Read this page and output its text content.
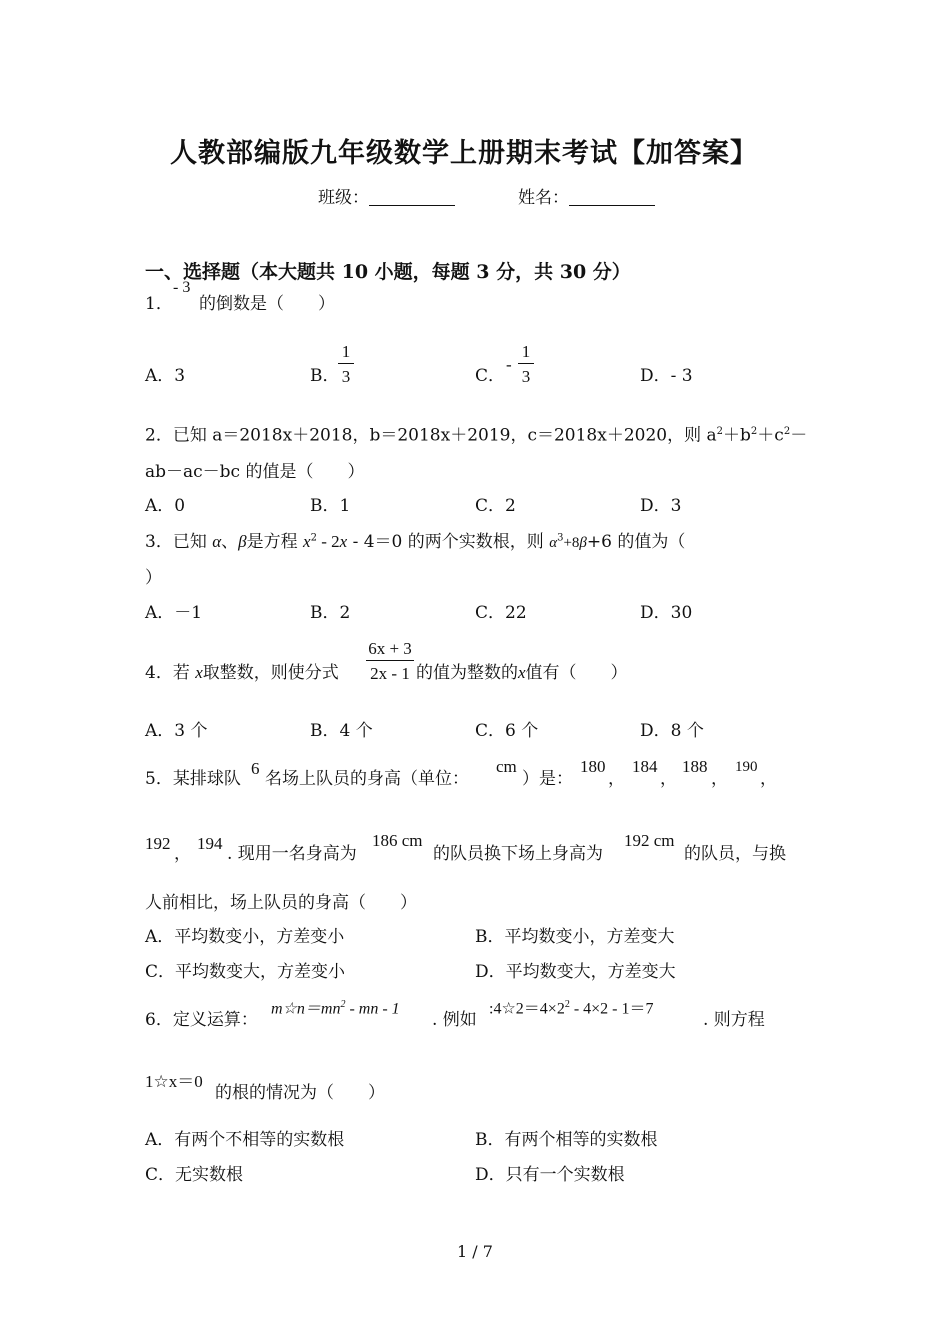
人教部编版九年级数学上册期末考试【加答案】
班级：	姓名：
一、选择题（本大题共 10 小题，每题 3 分，共 30 分）
1．
- 3
的倒数是（　　）
A．3	B．
1
3	C．
-
1
3	D．- 3
2．已知 a＝2018x＋2018，b＝2018x＋2019，c＝2018x＋2020，则 $a^2+b^2+c^2-$
ab－ac－bc 的值是（　　）
A．0	B．1	C．2	D．3
3．已知 α、β是方程 $x^2 - 2x - 4=0$ 的两个实数根，则 $\alpha^3+8\beta+6$ 的值为（
）
A．－1	B．2	C．22	D．30
4．若 x取整数，则使分式
6x + 3
2x - 1 的值为整数的x值有（　　）
A．3 个	B．4 个	C．6 个	D．8 个
5．某排球队
6
名场上队员的身高（单位：
cm
）是：
180
，
184
，
188
，
190
，
192
，
194
. 现用一名身高为
186 cm
的队员换下场上身高为
192 cm
的队员，与换
人前相比，场上队员的身高（　　）
A．平均数变小，方差变小	B．平均数变小，方差变大
C．平均数变大，方差变小	D．平均数变大，方差变大
6．定义运算：
$m☆n=mn^2$ - mn - 1
. 例如
$:4☆2=4\times 2^2 - 4\times 2 - 1=7$
. 则方程
1☆x＝0
的根的情况为（　　）
A．有两个不相等的实数根	B．有两个相等的实数根
C．无实数根	D．只有一个实数根
1 / 7
